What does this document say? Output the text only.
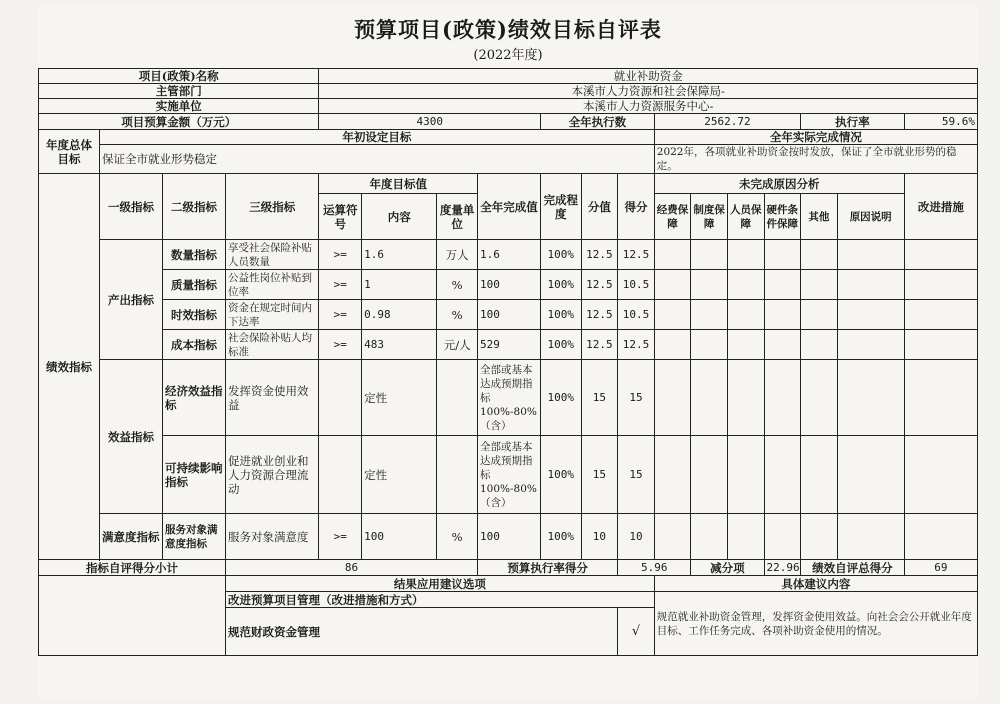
预算项目(政策)绩效目标自评表
(2022年度)
项目(政策)名称				就业补助资金													
主管部门				本溪市人力资源和社会保障局-													
实施单位				本溪市人力资源服务中心-													
项目预算金额（万元）				4300				全年执行数			2562.72				执行率		59.6%
年度总体目标	年初设定目标										全年实际完成情况						
	保证全市就业形势稳定										2022年，各项就业补助资金按时发放，保证了全市就业形势的稳定。						

绩效指标	一级指标	二级指标	三级指标	年度目标值			全年完成值	完成程度	分值	得分	未完成原因分析						改进措施
				运算符号	内容	度量单位					经费保障	制度保障	人员保障	硬件条件保障	其他	原因说明	
	产出指标	数量指标	享受社会保险补贴人员数量	>=	1.6	万人	1.6	100%	12.5	12.5							
		质量指标	公益性岗位补贴到位率	>=	1	%	100	100%	12.5	10.5							
		时效指标	资金在规定时间内下达率	>=	0.98	%	100	100%	12.5	10.5							
		成本指标	社会保险补贴人均标准	>=	483	元/人	529	100%	12.5	12.5							
	效益指标	经济效益指标	发挥资金使用效益		定性		全部或基本达成预期指标100%-80%（含）	100%	15	15							
		可持续影响指标	促进就业创业和人力资源合理流动		定性		全部或基本达成预期指标100%-80%（含）	100%	15	15							
	满意度指标	服务对象满意度指标	服务对象满意度	>=	100	%	100	100%	10	10							

指标自评得分小计			86				预算执行率得分			5.96		减分项		22.96	绩效自评总得分		69
			结果应用建议选项								具体建议内容						
			改进预算项目管理（改进措施和方式）								规范就业补助资金管理，发挥资金使用效益。向社会会公开就业年度目标、工作任务完成、各项补助资金使用的情况。						
			规范财政资金管理							√							
